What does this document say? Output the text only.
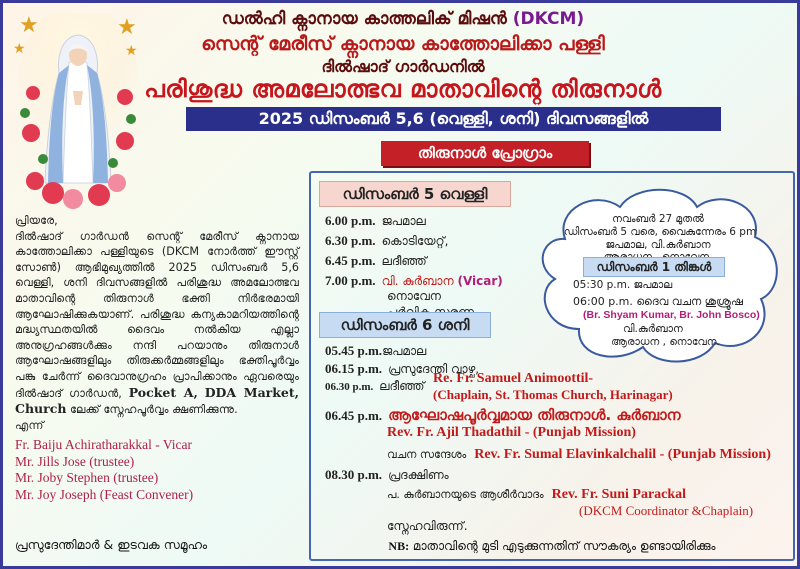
ഡൽഹി ക്നാനായ കാത്തലിക് മിഷൻ (DKCM)
സെന്റ് മേരീസ് ക്നാനായ കാത്തോലിക്കാ പള്ളി
ദിൽഷാദ് ഗാർഡനിൽ
പരിശുദ്ധ അമലോത്ഭവ മാതാവിന്റെ തിരുനാൾ
2025 ഡിസംബർ 5,6 (വെള്ളി, ശനി) ദിവസങ്ങളിൽ
തിരുനാൾ പ്രോഗ്രാം
★	★
★	★
പ്രിയരേ,
ദിൽഷാദ് ഗാർഡൻ സെന്റ് മേരീസ് ക്നാനായ കാത്തോലിക്കാ പള്ളിയുടെ (DKCM നോർത്ത് ഈസ്റ്റ് സോൺ) ആഭിമുഖ്യത്തിൽ 2025 ഡിസംബർ 5,6 വെള്ളി, ശനി ദിവസങ്ങളിൽ പരിശുദ്ധ അമലോത്ഭവ മാതാവിന്റെ തിരുനാൾ ഭക്തി നിർഭരമായി ആഘോഷിക്കുകയാണ്. പരിശുദ്ധ കന്യകാമറിയത്തിന്റെ മദ്ധ്യസ്ഥതയിൽ ദൈവം നൽകിയ എല്ലാ അനുഗ്രഹങ്ങൾക്കും നന്ദി പറയാനും തിരുനാൾ ആഘോഷങ്ങളിലും തിരുക്കർമ്മങ്ങളിലും ഭക്തിപൂർവ്വം പങ്കു ചേർന്ന് ദൈവാനുഗ്രഹം പ്രാപിക്കാനും ഏവരെയും ദിൽഷാദ് ഗാർഡൻ, Pocket A, DDA Market, Church ലേക്ക് സ്നേഹപൂർവ്വം ക്ഷണിക്കുന്നു.
എന്ന്
Fr. Baiju Achiratharakkal - Vicar
Mr. Jills Jose (trustee)
Mr. Joby Stephen (trustee)
Mr. Joy Joseph (Feast Convener)
പ്രസുദേന്തിമാർ & ഇടവക സമൂഹം
ഡിസംബർ 5 വെള്ളി
6.00 p.m. ജപമാല
6.30 p.m. കൊടിയേറ്റ്,
6.45 p.m. ലദീഞ്ഞ്
7.00 p.m. വി. കുർബാന (Vicar)
നൊവേന
നവംബർ 27 മുതൽ
ഡിസംബർ 5 വരെ, വൈകുന്നേരം 6 pm
ജപമാല, വി.കുർബാന
ഡിസംബർ 1 തിങ്കൾ
05:30 p.m. ജപമാല
06:00 p.m. ദൈവ വചന ശുശ്രൂഷ
(Br. Shyam Kumar, Br. John Bosco)
വി.കുർബാന
ആരാധന , നൊവേന.
ഡിസംബർ 6 ശനി
05.45 p.m.ജപമാല
06.15 p.m. പ്രസുദേന്തി വാഴ്ച,
06.30 p.m. ലദീഞ്ഞ് Re. Fr. Samuel Animoottil-
(Chaplain, St. Thomas Church, Harinagar)
06.45 p.m. ആഘോഷപൂർവ്വമായ തിരുനാൾ. കുർബാന
Rev. Fr. Ajil Thadathil - (Punjab Mission)
വചന സന്ദേശം Rev. Fr. Sumal Elavinkalchalil - (Punjab Mission)
08.30 p.m. പ്രദക്ഷിണം
പ. കുർബാനയുടെ ആശീർവാദം Rev. Fr. Suni Parackal
(DKCM Coordinator &Chaplain)
സ്നേഹവിരുന്ന്.
NB: മാതാവിന്റെ മുടി എടുക്കുന്നതിന് സൗകര്യം ഉണ്ടായിരിക്കും
